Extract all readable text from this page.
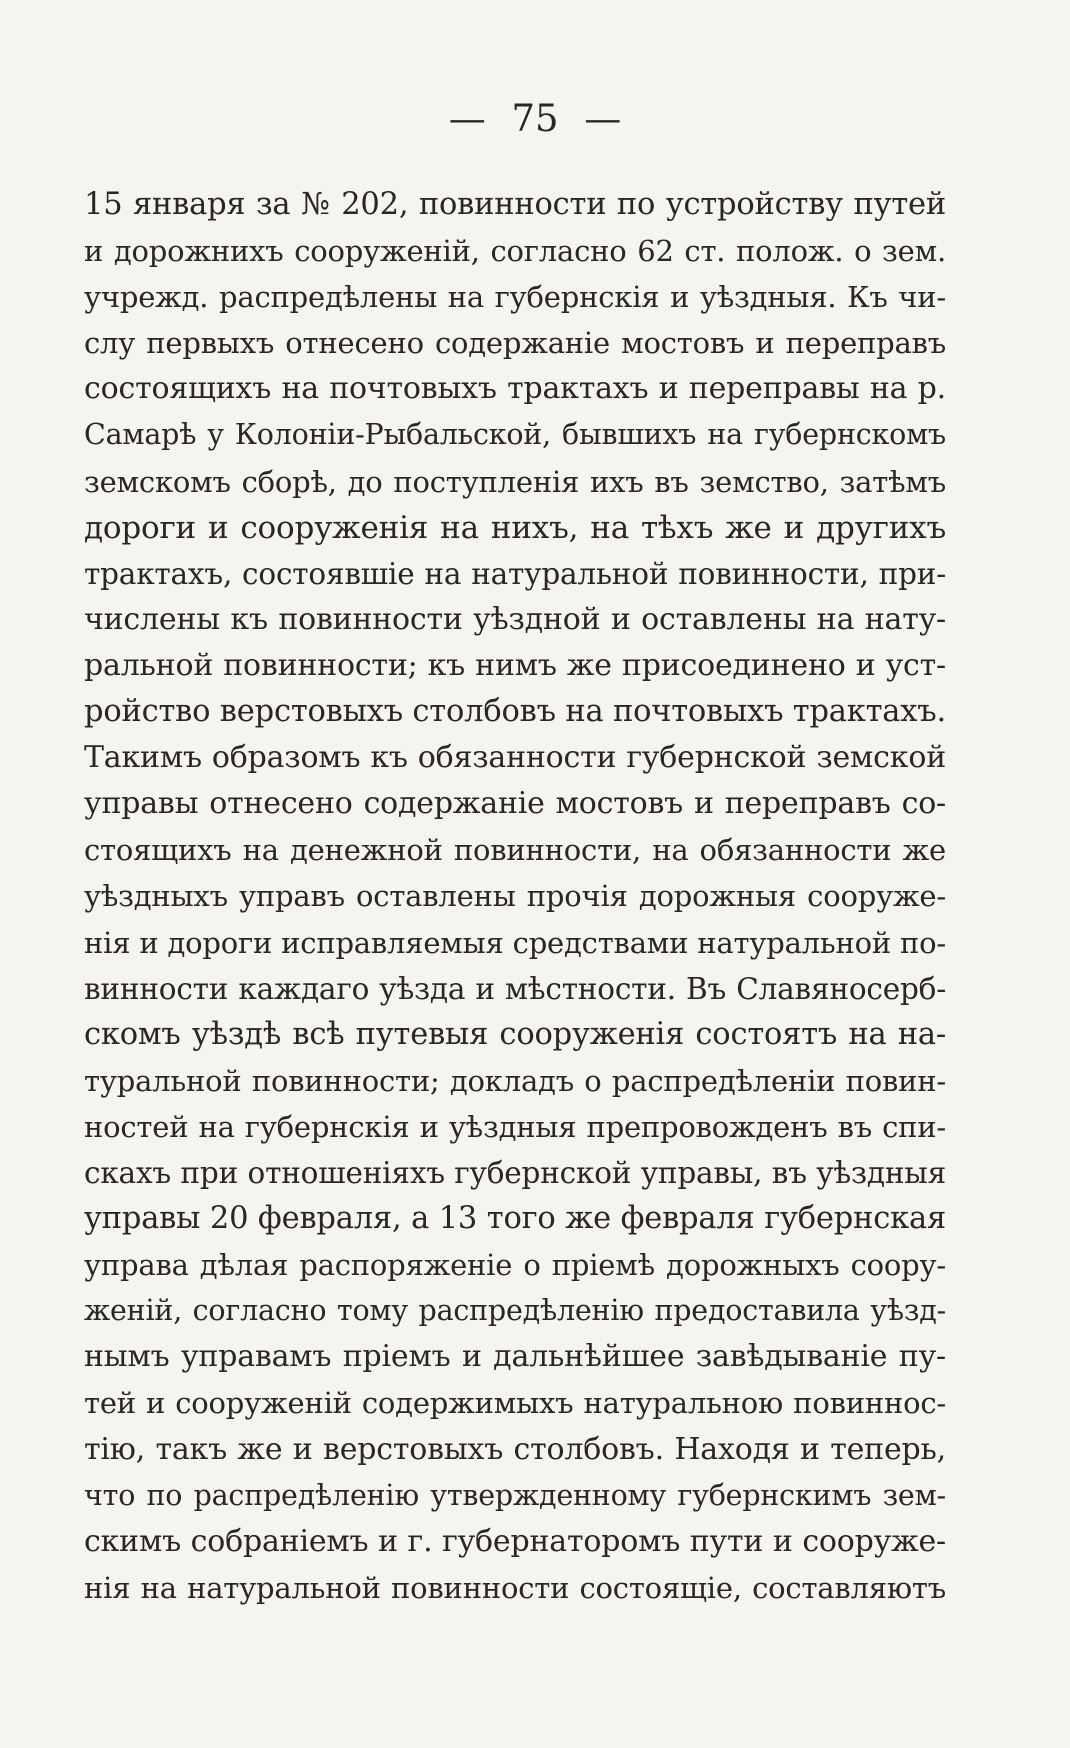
— 75 —
15 января за № 202, повинности по устройству путей
и дорожнихъ сооруженій, согласно 62 ст. полож. о зем.
учрежд. распредѣлены на губернскія и уѣздныя. Къ чи-
слу первыхъ отнесено содержаніе мостовъ и переправъ
состоящихъ на почтовыхъ трактахъ и переправы на р.
Самарѣ у Колоніи-Рыбальской, бывшихъ на губернскомъ
земскомъ сборѣ, до поступленія ихъ въ земство, затѣмъ
дороги и сооруженія на нихъ, на тѣхъ же и другихъ
трактахъ, состоявшіе на натуральной повинности, при-
числены къ повинности уѣздной и оставлены на нату-
ральной повинности; къ нимъ же присоединено и уст-
ройство верстовыхъ столбовъ на почтовыхъ трактахъ.
Такимъ образомъ къ обязанности губернской земской
управы отнесено содержаніе мостовъ и переправъ со-
стоящихъ на денежной повинности, на обязанности же
уѣздныхъ управъ оставлены прочія дорожныя сооруже-
нія и дороги исправляемыя средствами натуральной по-
винности каждаго уѣзда и мѣстности. Въ Славяносерб-
скомъ уѣздѣ всѣ путевыя сооруженія состоятъ на на-
туральной повинности; докладъ о распредѣленіи повин-
ностей на губернскія и уѣздныя препровожденъ въ спи-
скахъ при отношеніяхъ губернской управы, въ уѣздныя
управы 20 февраля, а 13 того же февраля губернская
управа дѣлая распоряженіе о пріемѣ дорожныхъ соору-
женій, согласно тому распредѣленію предоставила уѣзд-
нымъ управамъ пріемъ и дальнѣйшее завѣдываніе пу-
тей и сооруженій содержимыхъ натуральною повиннос-
тію, такъ же и верстовыхъ столбовъ. Находя и теперь,
что по распредѣленію утвержденному губернскимъ зем-
скимъ собраніемъ и г. губернаторомъ пути и сооруже-
нія на натуральной повинности состоящіе, составляютъ
